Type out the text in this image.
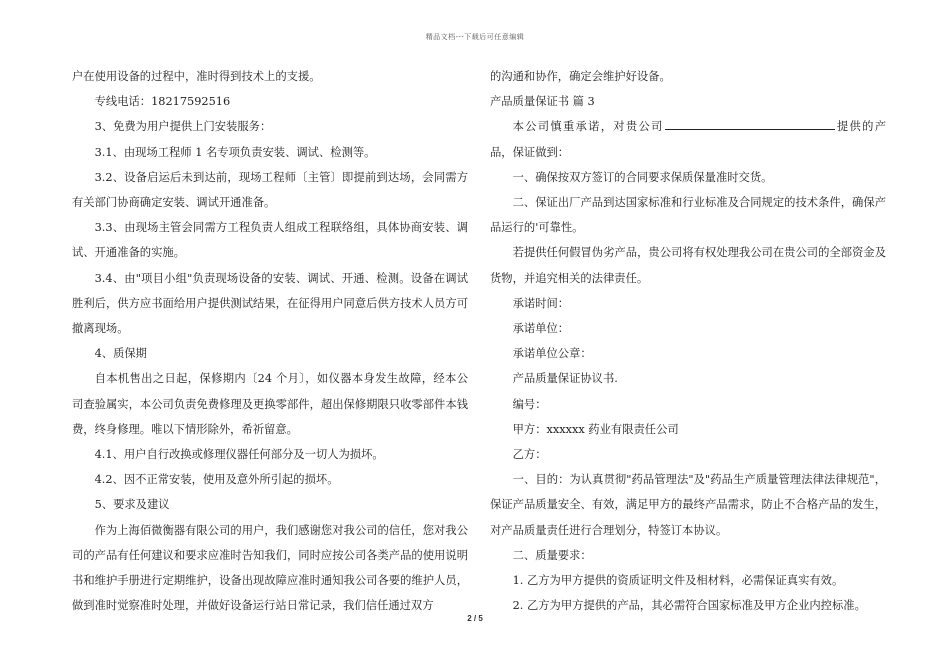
精品文档---下载后可任意编辑

户在使用设备的过程中，准时得到技术上的支援。

专线电话：18217592516

3、免费为用户提供上门安装服务：

3.1、由现场工程师 1 名专项负责安装、调试、检测等。

3.2、设备启运后未到达前，现场工程师〔主管〕即提前到达场，会同需方有关部门协商确定安装、调试开通准备。

3.3、由现场主管会同需方工程负责人组成工程联络组，具体协商安装、调试、开通准备的实施。

3.4、由"项目小组"负责现场设备的安装、调试、开通、检测。设备在调试胜利后，供方应书面给用户提供测试结果，在征得用户同意后供方技术人员方可撤离现场。

4、质保期

自本机售出之日起，保修期内〔24 个月〕，如仪器本身发生故障，经本公司查验属实，本公司负责免费修理及更换零部件，超出保修期限只收零部件本钱费，终身修理。唯以下情形除外，希祈留意。

4.1、用户自行改换或修理仪器任何部分及一切人为损坏。

4.2、因不正常安装，使用及意外所引起的损坏。

5、要求及建议

作为上海佰微衡器有限公司的用户，我们感谢您对我公司的信任，您对我公司的产品有任何建议和要求应准时告知我们，同时应按公司各类产品的使用说明书和维护手册进行定期维护，设备出现故障应准时通知我公司各要的维护人员，做到准时觉察准时处理，并做好设备运行站日常记录，我们信任通过双方

的沟通和协作，确定会维护好设备。

产品质量保证书 篇 3

本公司慎重承诺，对贵公司	提供的产品，保证做到：

一、确保按双方签订的合同要求保质保量准时交货。

二、保证出厂产品到达国家标准和行业标准及合同规定的技术条件，确保产品运行的'可靠性。

若提供任何假冒伪劣产品，贵公司将有权处理我公司在贵公司的全部资金及货物，并追究相关的法律责任。

承诺时间：

承诺单位：

承诺单位公章：

产品质量保证协议书.

编号：

甲方：xxxxxx 药业有限责任公司

乙方：

一、目的：为认真贯彻"药品管理法"及"药品生产质量管理法律法律规范"，保证产品质量安全、有效，满足甲方的最终产品需求，防止不合格产品的发生，对产品质量责任进行合理划分，特签订本协议。

二、质量要求：

1. 乙方为甲方提供的资质证明文件及相材料，必需保证真实有效。

2. 乙方为甲方提供的产品，其必需符合国家标准及甲方企业内控标准。

2 / 5
